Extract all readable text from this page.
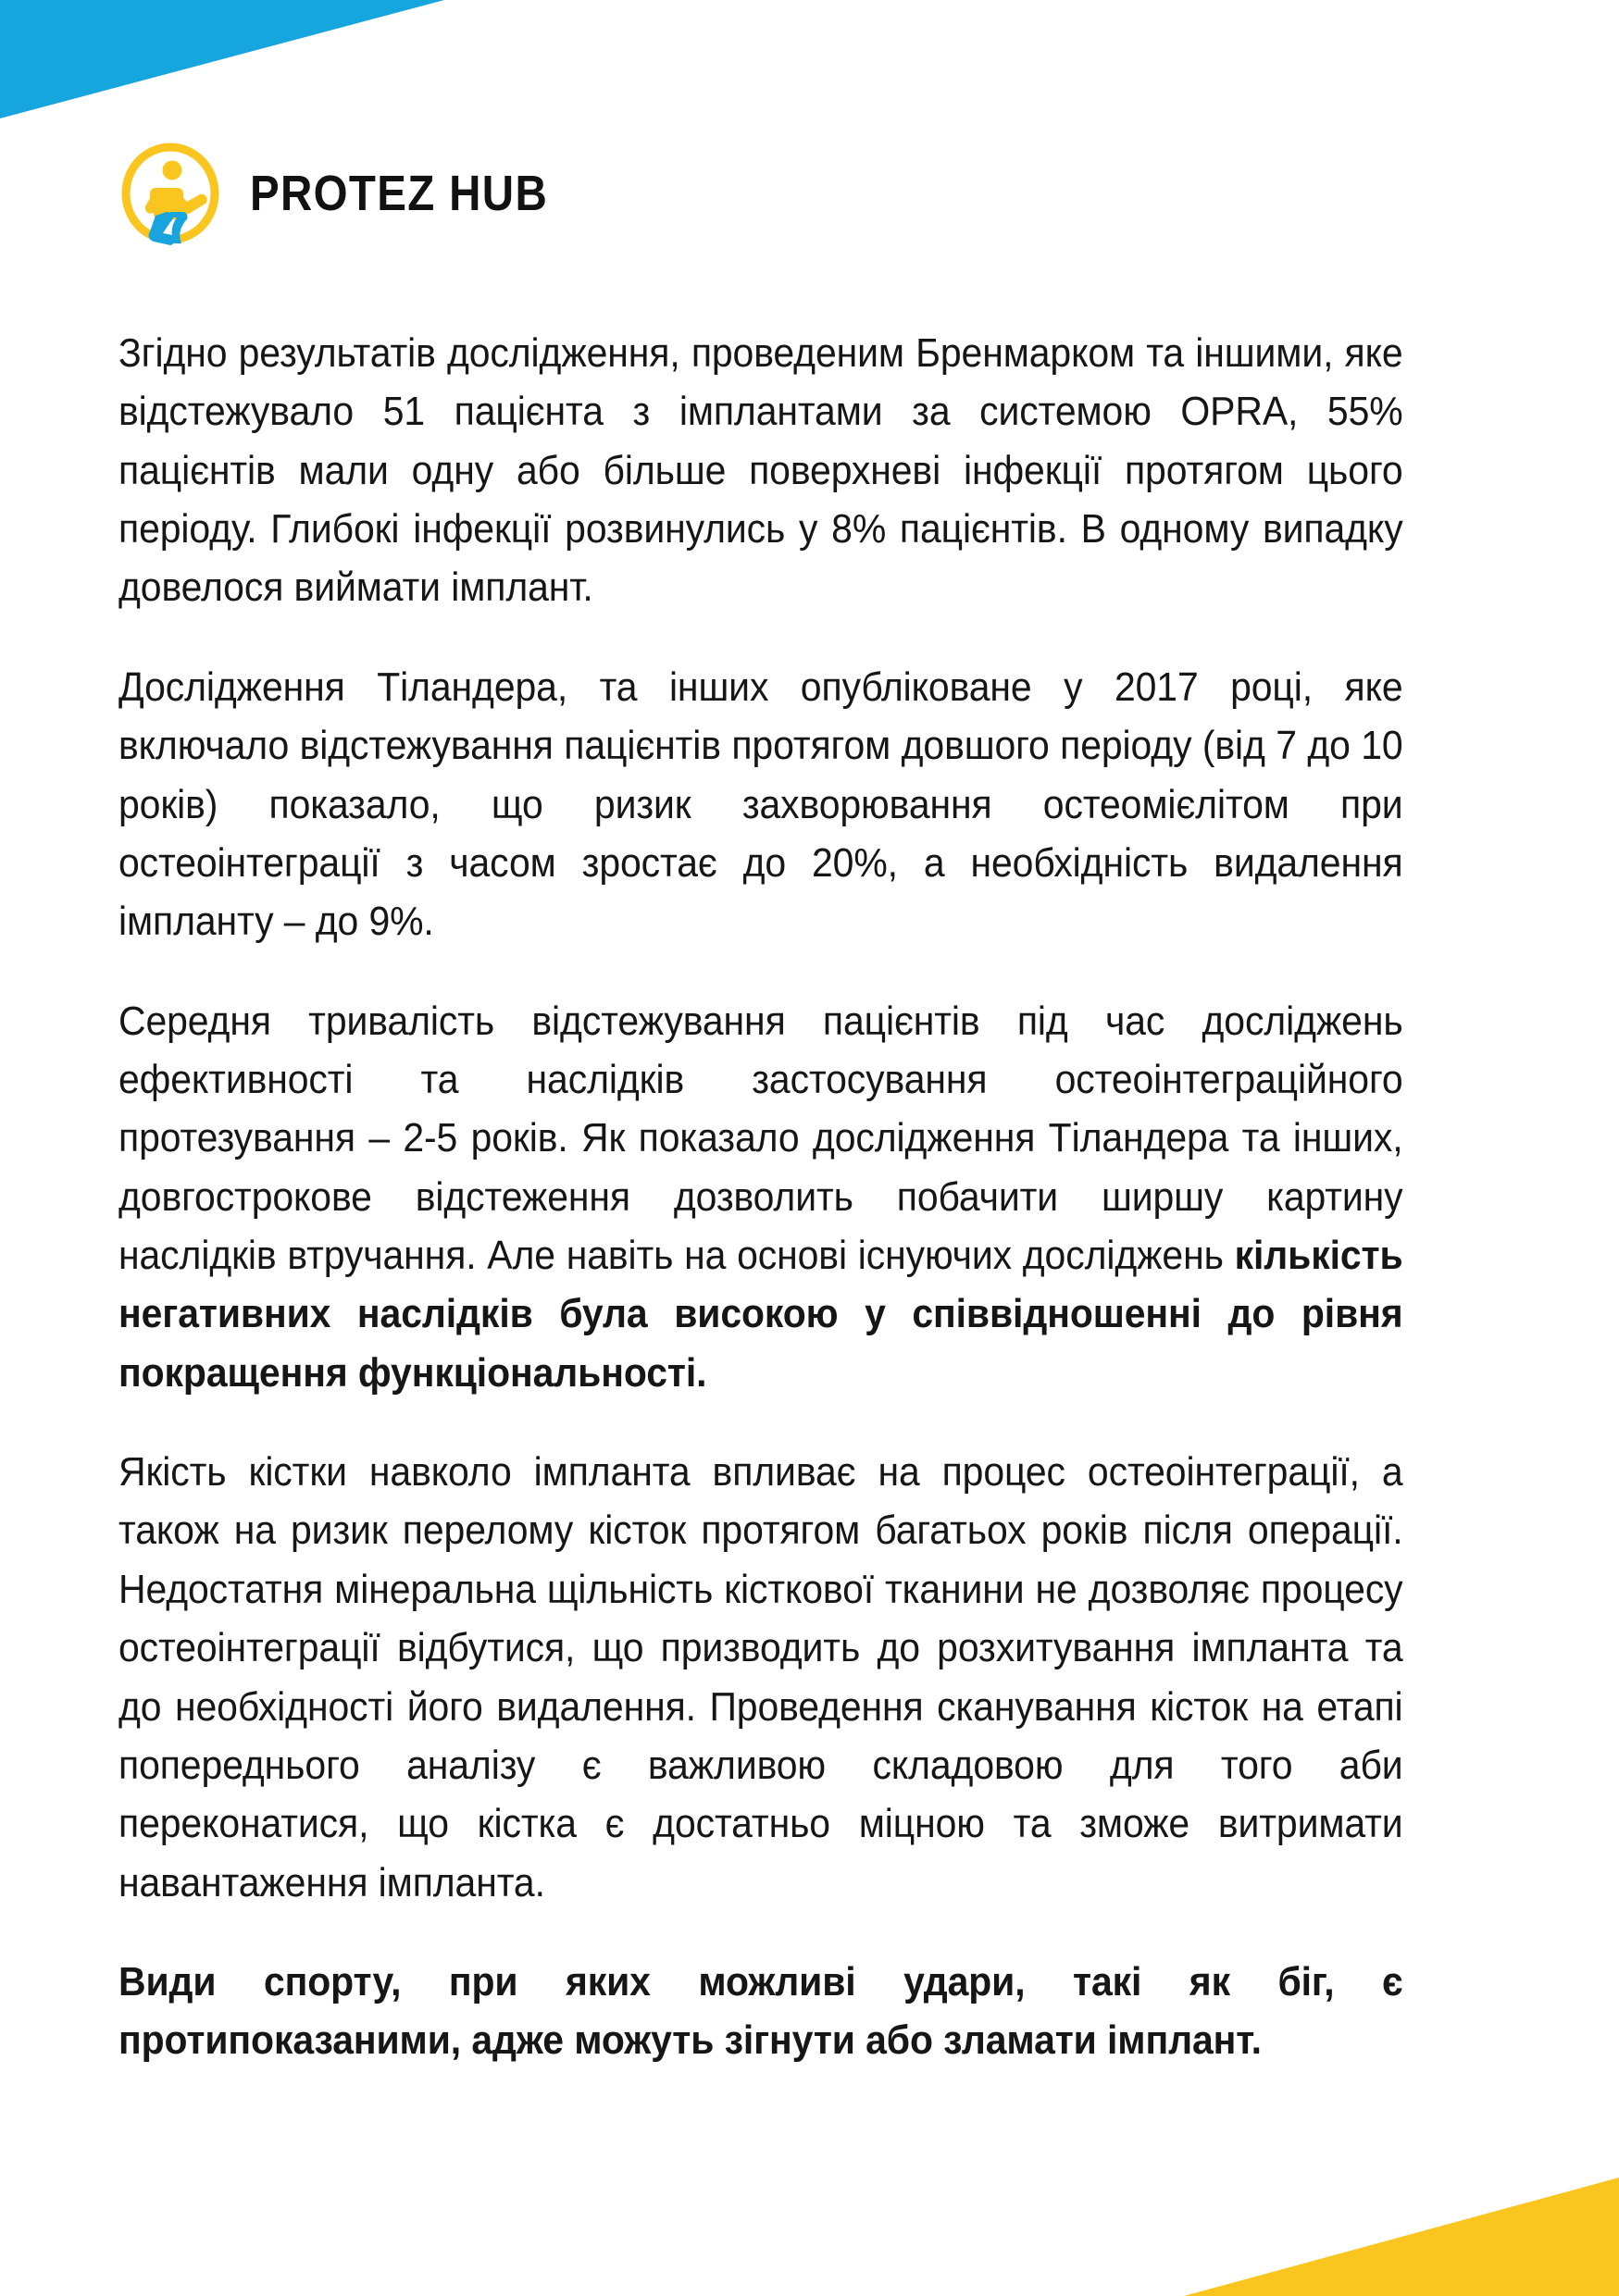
PROTEZ HUB

Згідно результатів дослідження, проведеним Бренмарком та іншими, яке відстежувало 51 пацієнта з імплантами за системою OPRA, 55% пацієнтів мали одну або більше поверхневі інфекції протягом цього періоду. Глибокі інфекції розвинулись у 8% пацієнтів. В одному випадку довелося виймати імплант.

Дослідження Тіландера, та інших опубліковане у 2017 році, яке включало відстежування пацієнтів протягом довшого періоду (від 7 до 10 років) показало, що ризик захворювання остеомієлітом при остеоінтеграції з часом зростає до 20%, а необхідність видалення імпланту – до 9%.

Середня тривалість відстежування пацієнтів під час досліджень ефективності та наслідків застосування остеоінтеграційного протезування – 2-5 років. Як показало дослідження Тіландера та інших, довгострокове відстеження дозволить побачити ширшу картину наслідків втручання. Але навіть на основі існуючих досліджень кількість негативних наслідків була високою у співвідношенні до рівня покращення функціональності.

Якість кістки навколо імпланта впливає на процес остеоінтеграції, а також на ризик перелому кісток протягом багатьох років після операції. Недостатня мінеральна щільність кісткової тканини не дозволяє процесу остеоінтеграції відбутися, що призводить до розхитування імпланта та до необхідності його видалення. Проведення сканування кісток на етапі попереднього аналізу є важливою складовою для того аби переконатися, що кістка є достатньо міцною та зможе витримати навантаження імпланта.

Види спорту, при яких можливі удари, такі як біг, є протипоказаними, адже можуть зігнути або зламати імплант.
